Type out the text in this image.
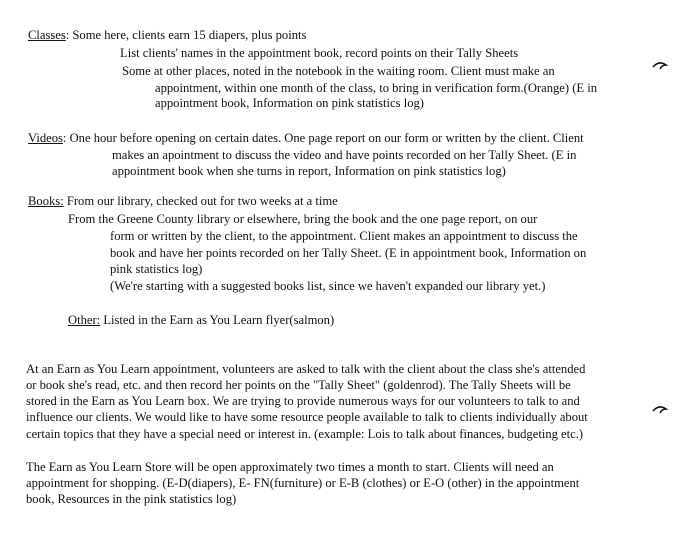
Classes: Some here, clients earn 15 diapers, plus points
List clients' names in the appointment book, record points on their Tally Sheets
Some at other places, noted in the notebook in the waiting room. Client must make an
appointment, within one month of the class, to bring in verification form.(Orange) (E in
appointment book, Information on pink statistics log)
Videos: One hour before opening on certain dates. One page report on our form or written by the client. Client
makes an apointment to discuss the video and have points recorded on her Tally Sheet. (E in
appointment book when she turns in report, Information on pink statistics log)
Books: From our library, checked out for two weeks at a time
From the Greene County library or elsewhere, bring the book and the one page report, on our
form or written by the client, to the appointment. Client makes an appointment to discuss the
book and have her points recorded on her Tally Sheet. (E in appointment book, Information on
pink statistics log)
(We're starting with a suggested books list, since we haven't expanded our library yet.)
Other: Listed in the Earn as You Learn flyer(salmon)
At an Earn as You Learn appointment, volunteers are asked to talk with the client about the class she's attended
or book she's read, etc. and then record her points on the "Tally Sheet" (goldenrod). The Tally Sheets will be
stored in the Earn as You Learn box. We are trying to provide numerous ways for our volunteers to talk to and
influence our clients. We would like to have some resource people available to talk to clients individually about
certain topics that they have a special need or interest in. (example: Lois to talk about finances, budgeting etc.)
The Earn as You Learn Store will be open approximately two times a month to start. Clients will need an
appointment for shopping. (E-D(diapers), E- FN(furniture) or E-B (clothes) or E-O (other) in the appointment
book, Resources in the pink statistics log)
